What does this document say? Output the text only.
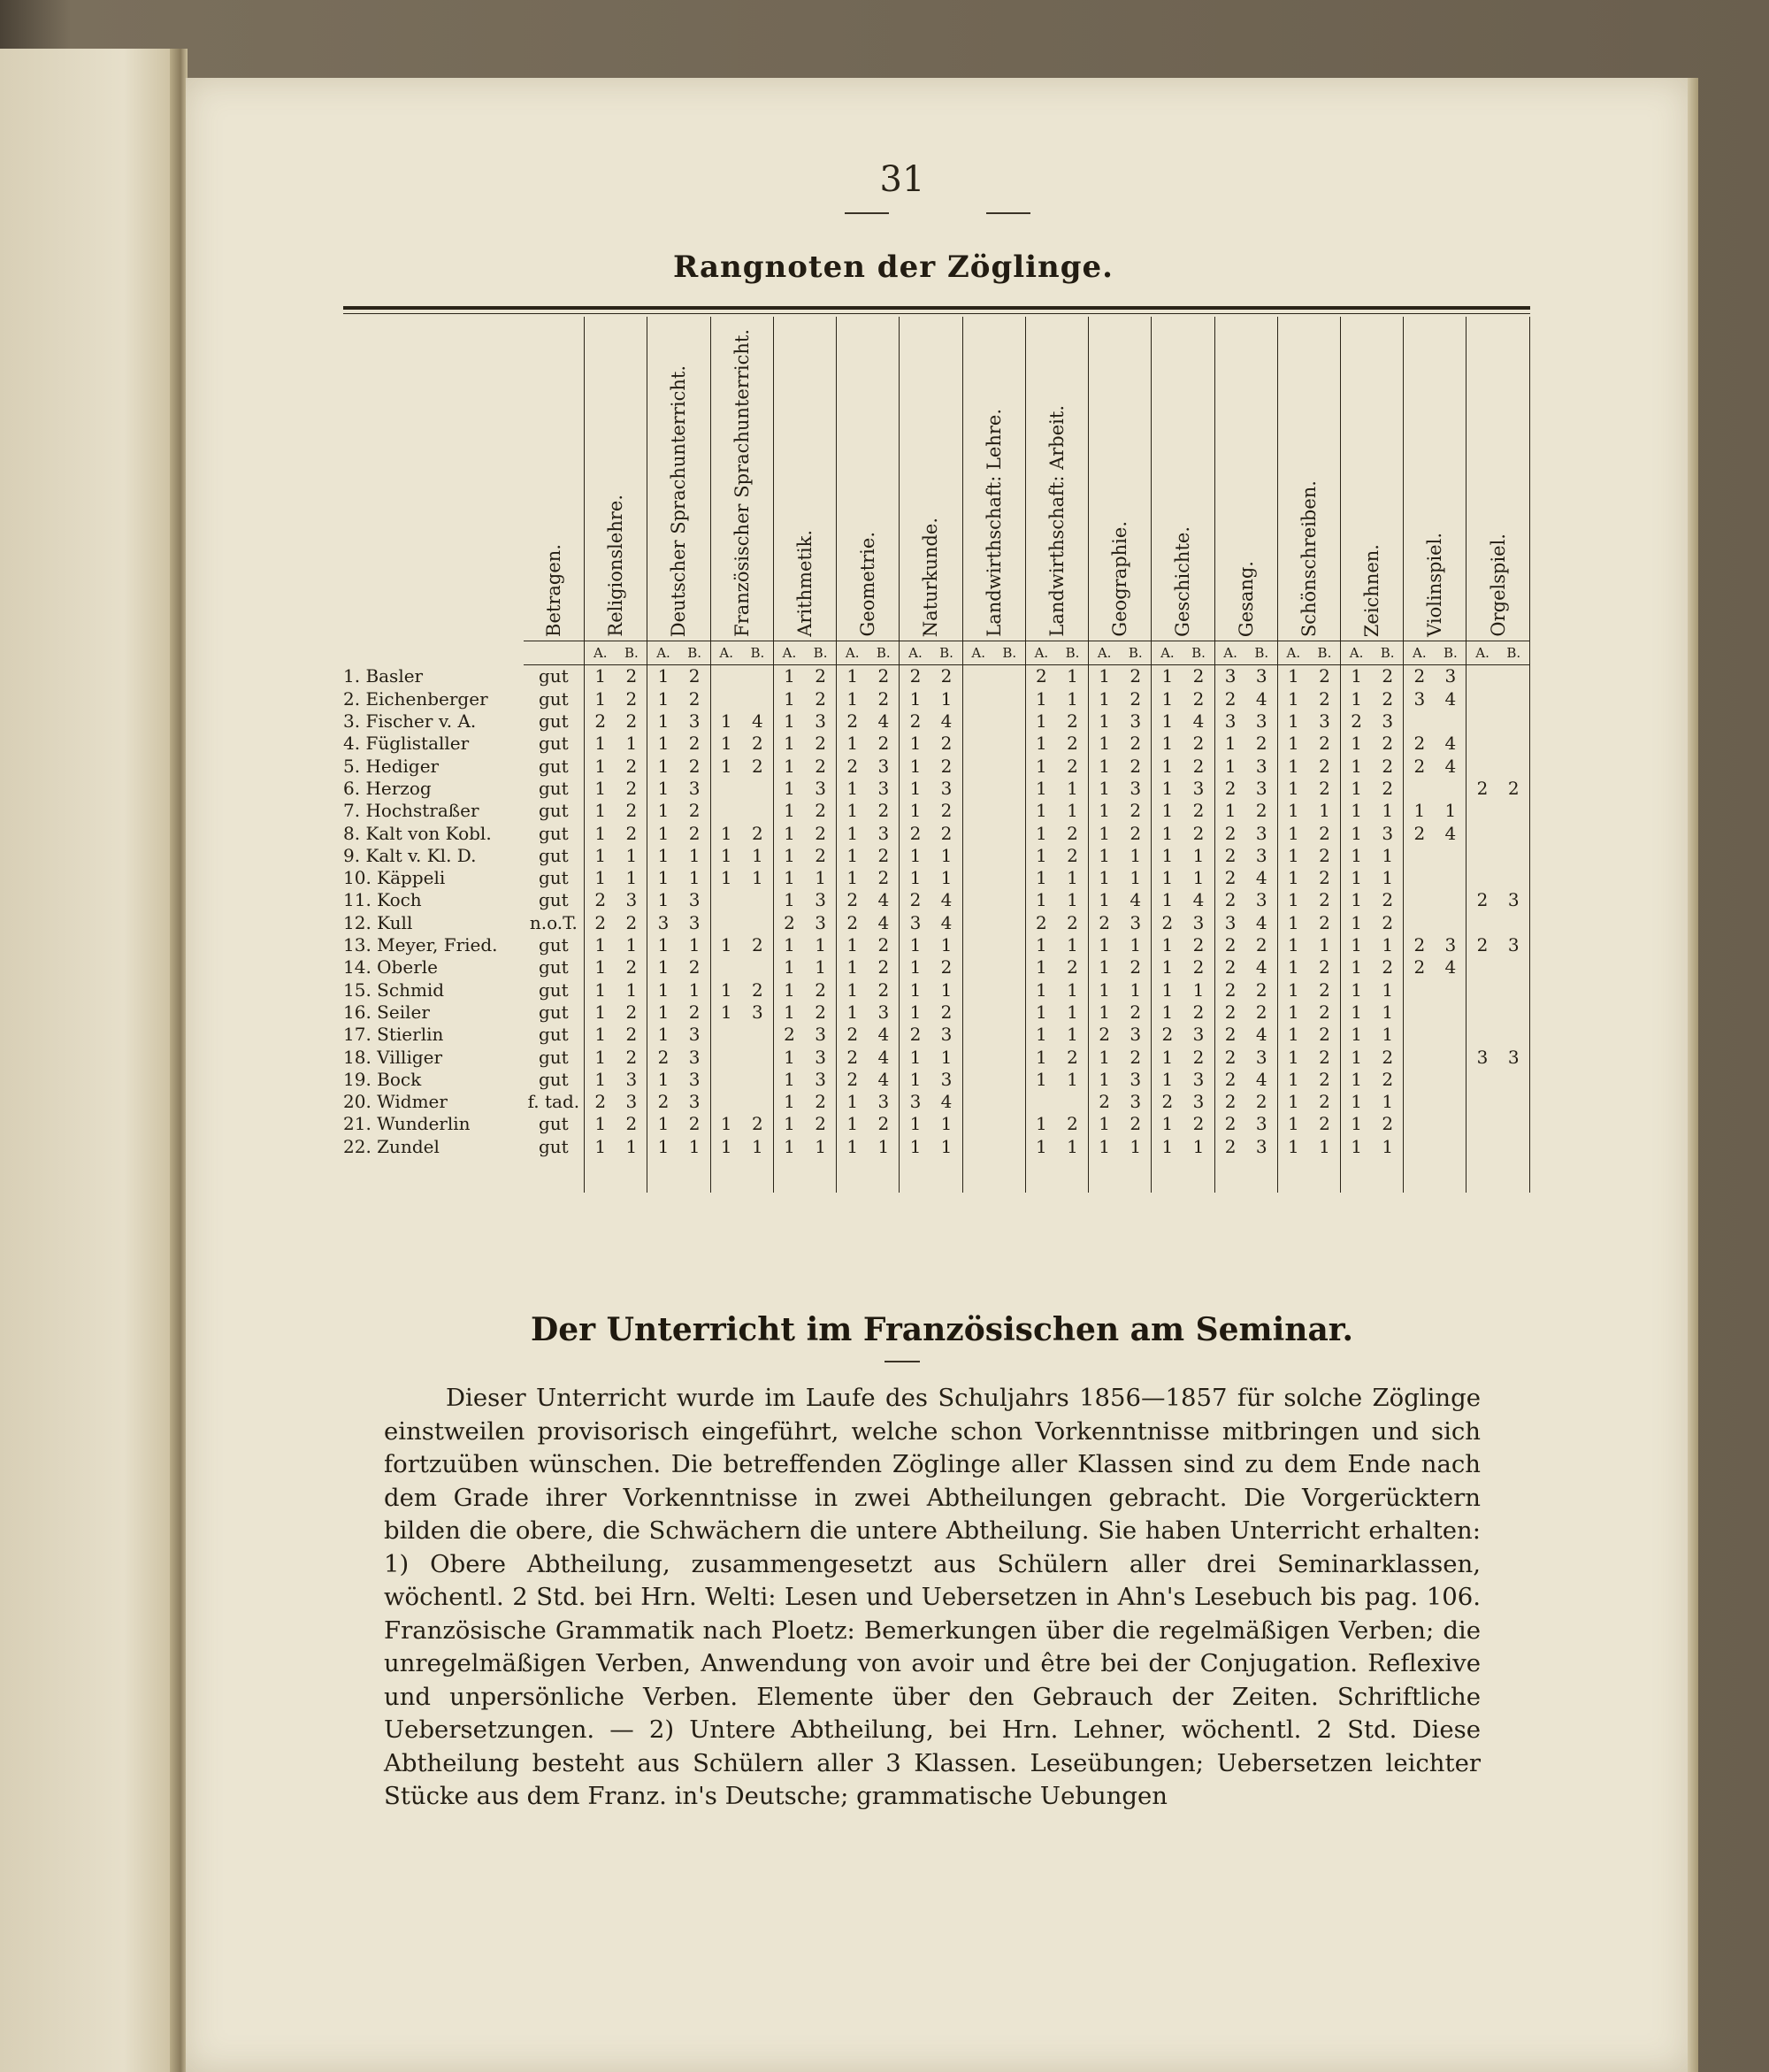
31
Rangnoten der Zöglinge.
	Betragen.	Religionslehre.		Deutscher Sprachunterricht.		Französischer Sprachunterricht.		Arithmetik.		Geometrie.		Naturkunde.		Landwirthschaft: Lehre.		Landwirthschaft: Arbeit.		Geographie.		Geschichte.		Gesang.		Schönschreiben.		Zeichnen.		Violinspiel.		Orgelspiel.	
		A.	B.	A.	B.	A.	B.	A.	B.	A.	B.	A.	B.	A.	B.	A.	B.	A.	B.	A.	B.	A.	B.	A.	B.	A.	B.	A.	B.	A.	B.
1. Basler	gut	1	2	1	2			1	2	1	2	2	2			2	1	1	2	1	2	3	3	1	2	1	2	2	3		
2. Eichenberger	gut	1	2	1	2			1	2	1	2	1	1			1	1	1	2	1	2	2	4	1	2	1	2	3	4		
3. Fischer v. A.	gut	2	2	1	3	1	4	1	3	2	4	2	4			1	2	1	3	1	4	3	3	1	3	2	3				
4. Füglistaller	gut	1	1	1	2	1	2	1	2	1	2	1	2			1	2	1	2	1	2	1	2	1	2	1	2	2	4		
5. Hediger	gut	1	2	1	2	1	2	1	2	2	3	1	2			1	2	1	2	1	2	1	3	1	2	1	2	2	4		
6. Herzog	gut	1	2	1	3			1	3	1	3	1	3			1	1	1	3	1	3	2	3	1	2	1	2			2	2
7. Hochstraßer	gut	1	2	1	2			1	2	1	2	1	2			1	1	1	2	1	2	1	2	1	1	1	1	1	1		
8. Kalt von Kobl.	gut	1	2	1	2	1	2	1	2	1	3	2	2			1	2	1	2	1	2	2	3	1	2	1	3	2	4		
9. Kalt v. Kl. D.	gut	1	1	1	1	1	1	1	2	1	2	1	1			1	2	1	1	1	1	2	3	1	2	1	1				
10. Käppeli	gut	1	1	1	1	1	1	1	1	1	2	1	1			1	1	1	1	1	1	2	4	1	2	1	1				
11. Koch	gut	2	3	1	3			1	3	2	4	2	4			1	1	1	4	1	4	2	3	1	2	1	2			2	3
12. Kull	n.o.T.	2	2	3	3			2	3	2	4	3	4			2	2	2	3	2	3	3	4	1	2	1	2				
13. Meyer, Fried.	gut	1	1	1	1	1	2	1	1	1	2	1	1			1	1	1	1	1	2	2	2	1	1	1	1	2	3	2	3
14. Oberle	gut	1	2	1	2			1	1	1	2	1	2			1	2	1	2	1	2	2	4	1	2	1	2	2	4		
15. Schmid	gut	1	1	1	1	1	2	1	2	1	2	1	1			1	1	1	1	1	1	2	2	1	2	1	1				
16. Seiler	gut	1	2	1	2	1	3	1	2	1	3	1	2			1	1	1	2	1	2	2	2	1	2	1	1				
17. Stierlin	gut	1	2	1	3			2	3	2	4	2	3			1	1	2	3	2	3	2	4	1	2	1	1				
18. Villiger	gut	1	2	2	3			1	3	2	4	1	1			1	2	1	2	1	2	2	3	1	2	1	2			3	3
19. Bock	gut	1	3	1	3			1	3	2	4	1	3			1	1	1	3	1	3	2	4	1	2	1	2				
20. Widmer	f. tad.	2	3	2	3			1	2	1	3	3	4					2	3	2	3	2	2	1	2	1	1				
21. Wunderlin	gut	1	2	1	2	1	2	1	2	1	2	1	1			1	2	1	2	1	2	2	3	1	2	1	2				
22. Zundel	gut	1	1	1	1	1	1	1	1	1	1	1	1			1	1	1	1	1	1	2	3	1	1	1	1				
Der Unterricht im Französischen am Seminar.

Dieser Unterricht wurde im Laufe des Schuljahrs 1856—1857 für solche Zöglinge einstweilen provisorisch eingeführt, welche schon Vorkenntnisse mitbringen und sich fortzuüben wünschen. Die betreffenden Zöglinge aller Klassen sind zu dem Ende nach dem Grade ihrer Vorkenntnisse in zwei Abtheilungen gebracht. Die Vorgerücktern bilden die obere, die Schwächern die untere Abtheilung. Sie haben Unterricht erhalten: 1) Obere Abtheilung, zusammengesetzt aus Schülern aller drei Seminarklassen, wöchentl. 2 Std. bei Hrn. Welti: Lesen und Uebersetzen in Ahn's Lesebuch bis pag. 106. Französische Grammatik nach Ploetz: Bemerkungen über die regelmäßigen Verben; die unregelmäßigen Verben, Anwendung von avoir und être bei der Conjugation. Reflexive und unpersönliche Verben. Elemente über den Gebrauch der Zeiten. Schriftliche Uebersetzungen. — 2) Untere Abtheilung, bei Hrn. Lehner, wöchentl. 2 Std. Diese Abtheilung besteht aus Schülern aller 3 Klassen. Leseübungen; Uebersetzen leichter Stücke aus dem Franz. in's Deutsche; grammatische Uebungen
